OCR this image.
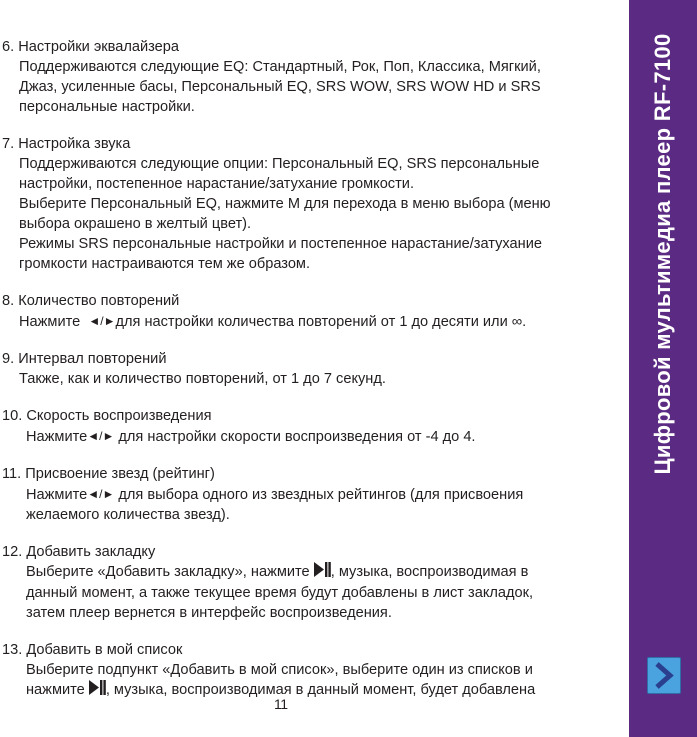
6. Настройки эквалайзера
Поддерживаются следующие EQ: Стандартный, Рок, Поп, Классика, Мягкий,
Джаз, усиленные басы, Персональный EQ, SRS WOW, SRS WOW HD и SRS
персональные настройки.
7. Настройка звука
Поддерживаются следующие опции: Персональный EQ, SRS персональные
настройки, постепенное нарастание/затухание громкости.
Выберите Персональный EQ, нажмите M для перехода в меню выбора (меню
выбора окрашено в желтый цвет).
Режимы SRS персональные настройки и постепенное нарастание/затухание
громкости настраиваются тем же образом.
8. Количество повторений
Нажмите  ◄/►для настройки количества повторений от 1 до десяти или ∞.
9. Интервал повторений
Также, как и количество повторений, от 1 до 7 секунд.
10. Скорость воспроизведения
Нажмите◄/► для настройки скорости воспроизведения от -4 до 4.
11. Присвоение звезд (рейтинг)
Нажмите◄/► для выбора одного из звездных рейтингов (для присвоения
желаемого количества звезд).
12. Добавить закладку
Выберите «Добавить закладку», нажмите , музыка, воспроизводимая в
данный момент, а также текущее время будут добавлены в лист закладок,
затем плеер вернется в интерфейс воспроизведения.
13. Добавить в мой список
Выберите подпункт «Добавить в мой список», выберите один из списков и
нажмите , музыка, воспроизводимая в данный момент, будет добавлена
11
Цифровой мультимедиа плеер RF-7100
